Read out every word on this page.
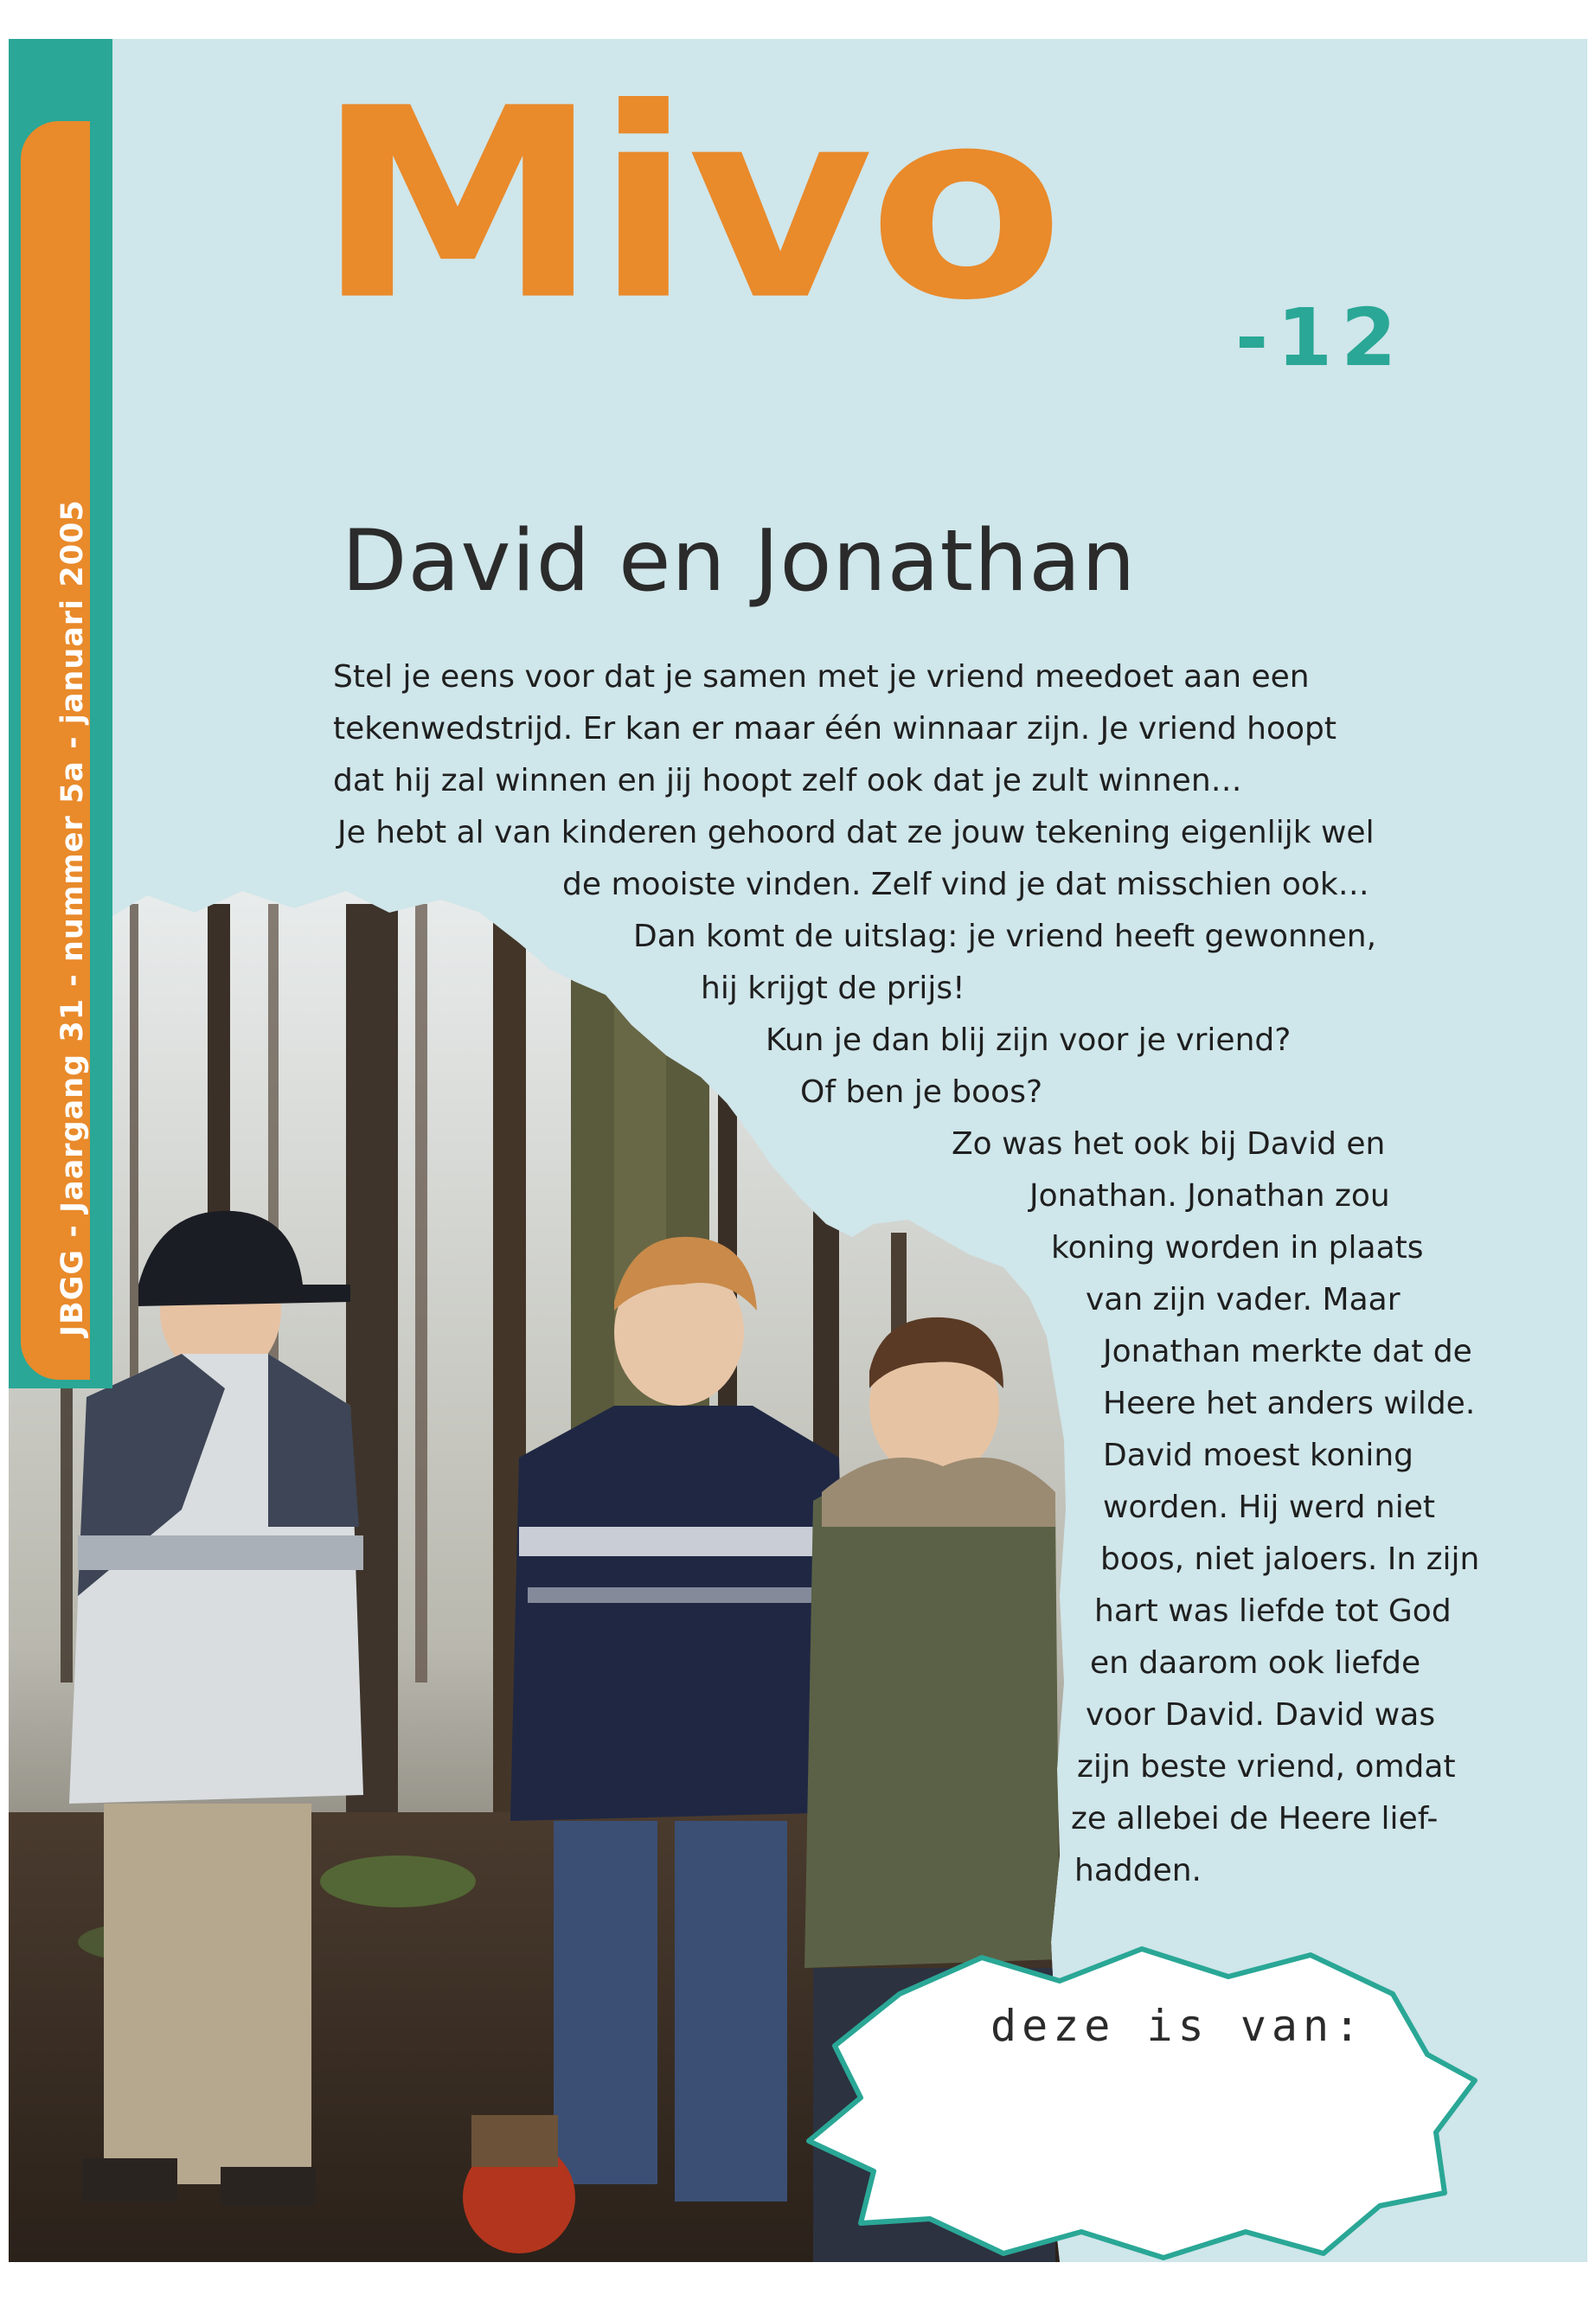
JBGG - Jaargang 31 - nummer 5a - januari 2005
Mivo -12
David en Jonathan
Stel je eens voor dat je samen met je vriend meedoet aan een
tekenwedstrijd. Er kan er maar één winnaar zijn. Je vriend hoopt
dat hij zal winnen en jij hoopt zelf ook dat je zult winnen…
Je hebt al van kinderen gehoord dat ze jouw tekening eigenlijk wel
de mooiste vinden. Zelf vind je dat misschien ook…
Dan komt de uitslag: je vriend heeft gewonnen,
hij krijgt de prijs!
Kun je dan blij zijn voor je vriend?
Of ben je boos?
Zo was het ook bij David en
Jonathan. Jonathan zou
koning worden in plaats
van zijn vader. Maar
Jonathan merkte dat de
Heere het anders wilde.
David moest koning
worden. Hij werd niet
boos, niet jaloers. In zijn
hart was liefde tot God
en daarom ook liefde
voor David. David was
zijn beste vriend, omdat
ze allebei de Heere lief-
hadden.
deze is van:
